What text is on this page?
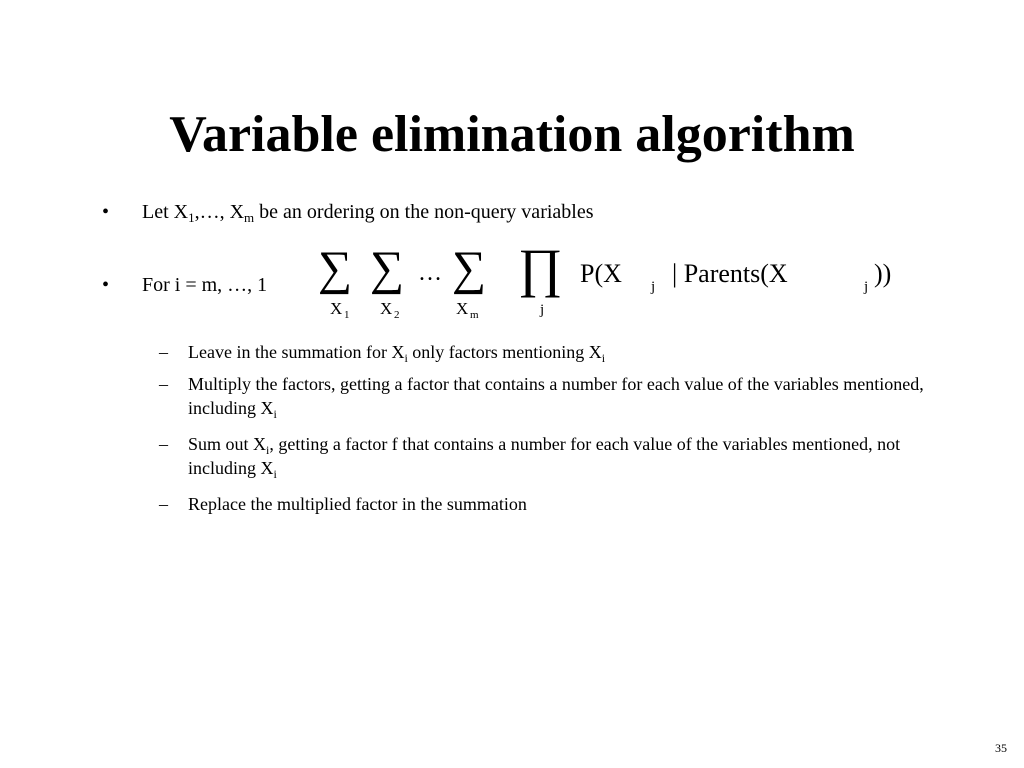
Variable elimination algorithm
• Let $X_1,\dots$, $X_m$ be an ordering on the non-query variables
• For i = m, …, 1 ∑ ∑ … ∑
X 1 X 2	X m
∏
j
P(X j | Parents(X	j ))
– Leave in the summation for $X_i$ only factors mentioning $X_i$
– Multiply the factors, getting a factor that contains a number for each value of the variables mentioned, including $X_i$
– Sum out $X_i$, getting a factor f that contains a number for each value of the variables mentioned, not including $X_i$
– Replace the multiplied factor in the summation
35
